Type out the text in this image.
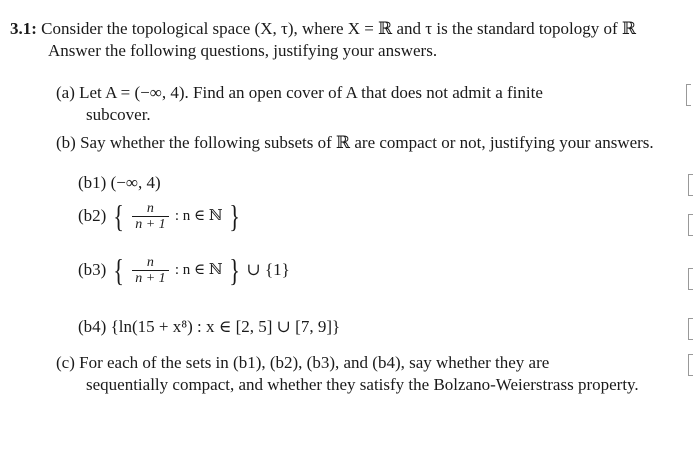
3.1: Consider the topological space (X, τ), where X = ℝ and τ is the standard topology of ℝ
Answer the following questions, justifying your answers.
(a) Let A = (−∞, 4). Find an open cover of A that does not admit a finite
subcover.
(b) Say whether the following subsets of ℝ are compact or not, justifying your answers.
(b1) (−∞, 4)
(b2) { $\frac{n}{n + 1}$ : n ∈ ℕ }
(b3) { $\frac{n}{n + 1}$ : n ∈ ℕ } ∪ {1}
(b4) {ln(15 + x⁸) : x ∈ [2, 5] ∪ [7, 9]}
(c) For each of the sets in (b1), (b2), (b3), and (b4), say whether they are
sequentially compact, and whether they satisfy the Bolzano-Weierstrass property.
